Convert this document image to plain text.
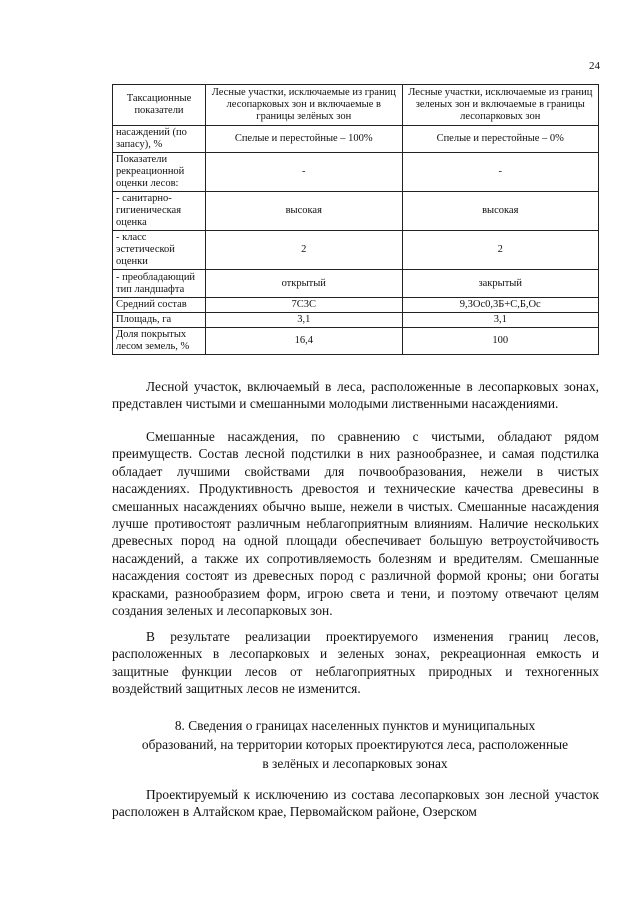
24
Таксационные показатели	Лесные участки, исключаемые из границ лесопарковых зон и включаемые в границы зелёных зон	Лесные участки, исключаемые из границ зеленых зон и включаемые в границы лесопарковых зон
насаждений (по запасу), %	Спелые и перестойные – 100%	Спелые и перестойные – 0%
Показатели рекреационной оценки лесов:	-	-
- санитарно-гигиеническая оценка	высокая	высокая
- класс эстетической оценки	2	2
- преобладающий тип ландшафта	открытый	закрытый
Средний состав	7С3С	9,3Ос0,3Б+С,Б,Ос
Площадь, га	3,1	3,1
Доля покрытых лесом земель, %	16,4	100

Лесной участок, включаемый в леса, расположенные в лесопарковых зонах, представлен чистыми и смешанными молодыми лиственными насаждениями.

Смешанные насаждения, по сравнению с чистыми, обладают рядом преимуществ. Состав лесной подстилки в них разнообразнее, и самая подстилка обладает лучшими свойствами для почвообразования, нежели в чистых насаждениях. Продуктивность древостоя и технические качества древесины в смешанных насаждениях обычно выше, нежели в чистых. Смешанные насаждения лучше противостоят различным неблагоприятным влияниям. Наличие нескольких древесных пород на одной площади обеспечивает большую ветроустойчивость насаждений, а также их сопротивляемость болезням и вредителям. Смешанные насаждения состоят из древесных пород с различной формой кроны; они богаты красками, разнообразием форм, игрою света и тени, и поэтому отвечают целям создания зеленых и лесопарковых зон.

В результате реализации проектируемого изменения границ лесов, расположенных в лесопарковых и зеленых зонах, рекреационная емкость и защитные функции лесов от неблагоприятных природных и техногенных воздействий защитных лесов не изменится.

8. Сведения о границах населенных пунктов и муниципальных образований, на территории которых проектируются леса, расположенные в зелёных и лесопарковых зонах

Проектируемый к исключению из состава лесопарковых зон лесной участок расположен в Алтайском крае, Первомайском районе, Озерском
